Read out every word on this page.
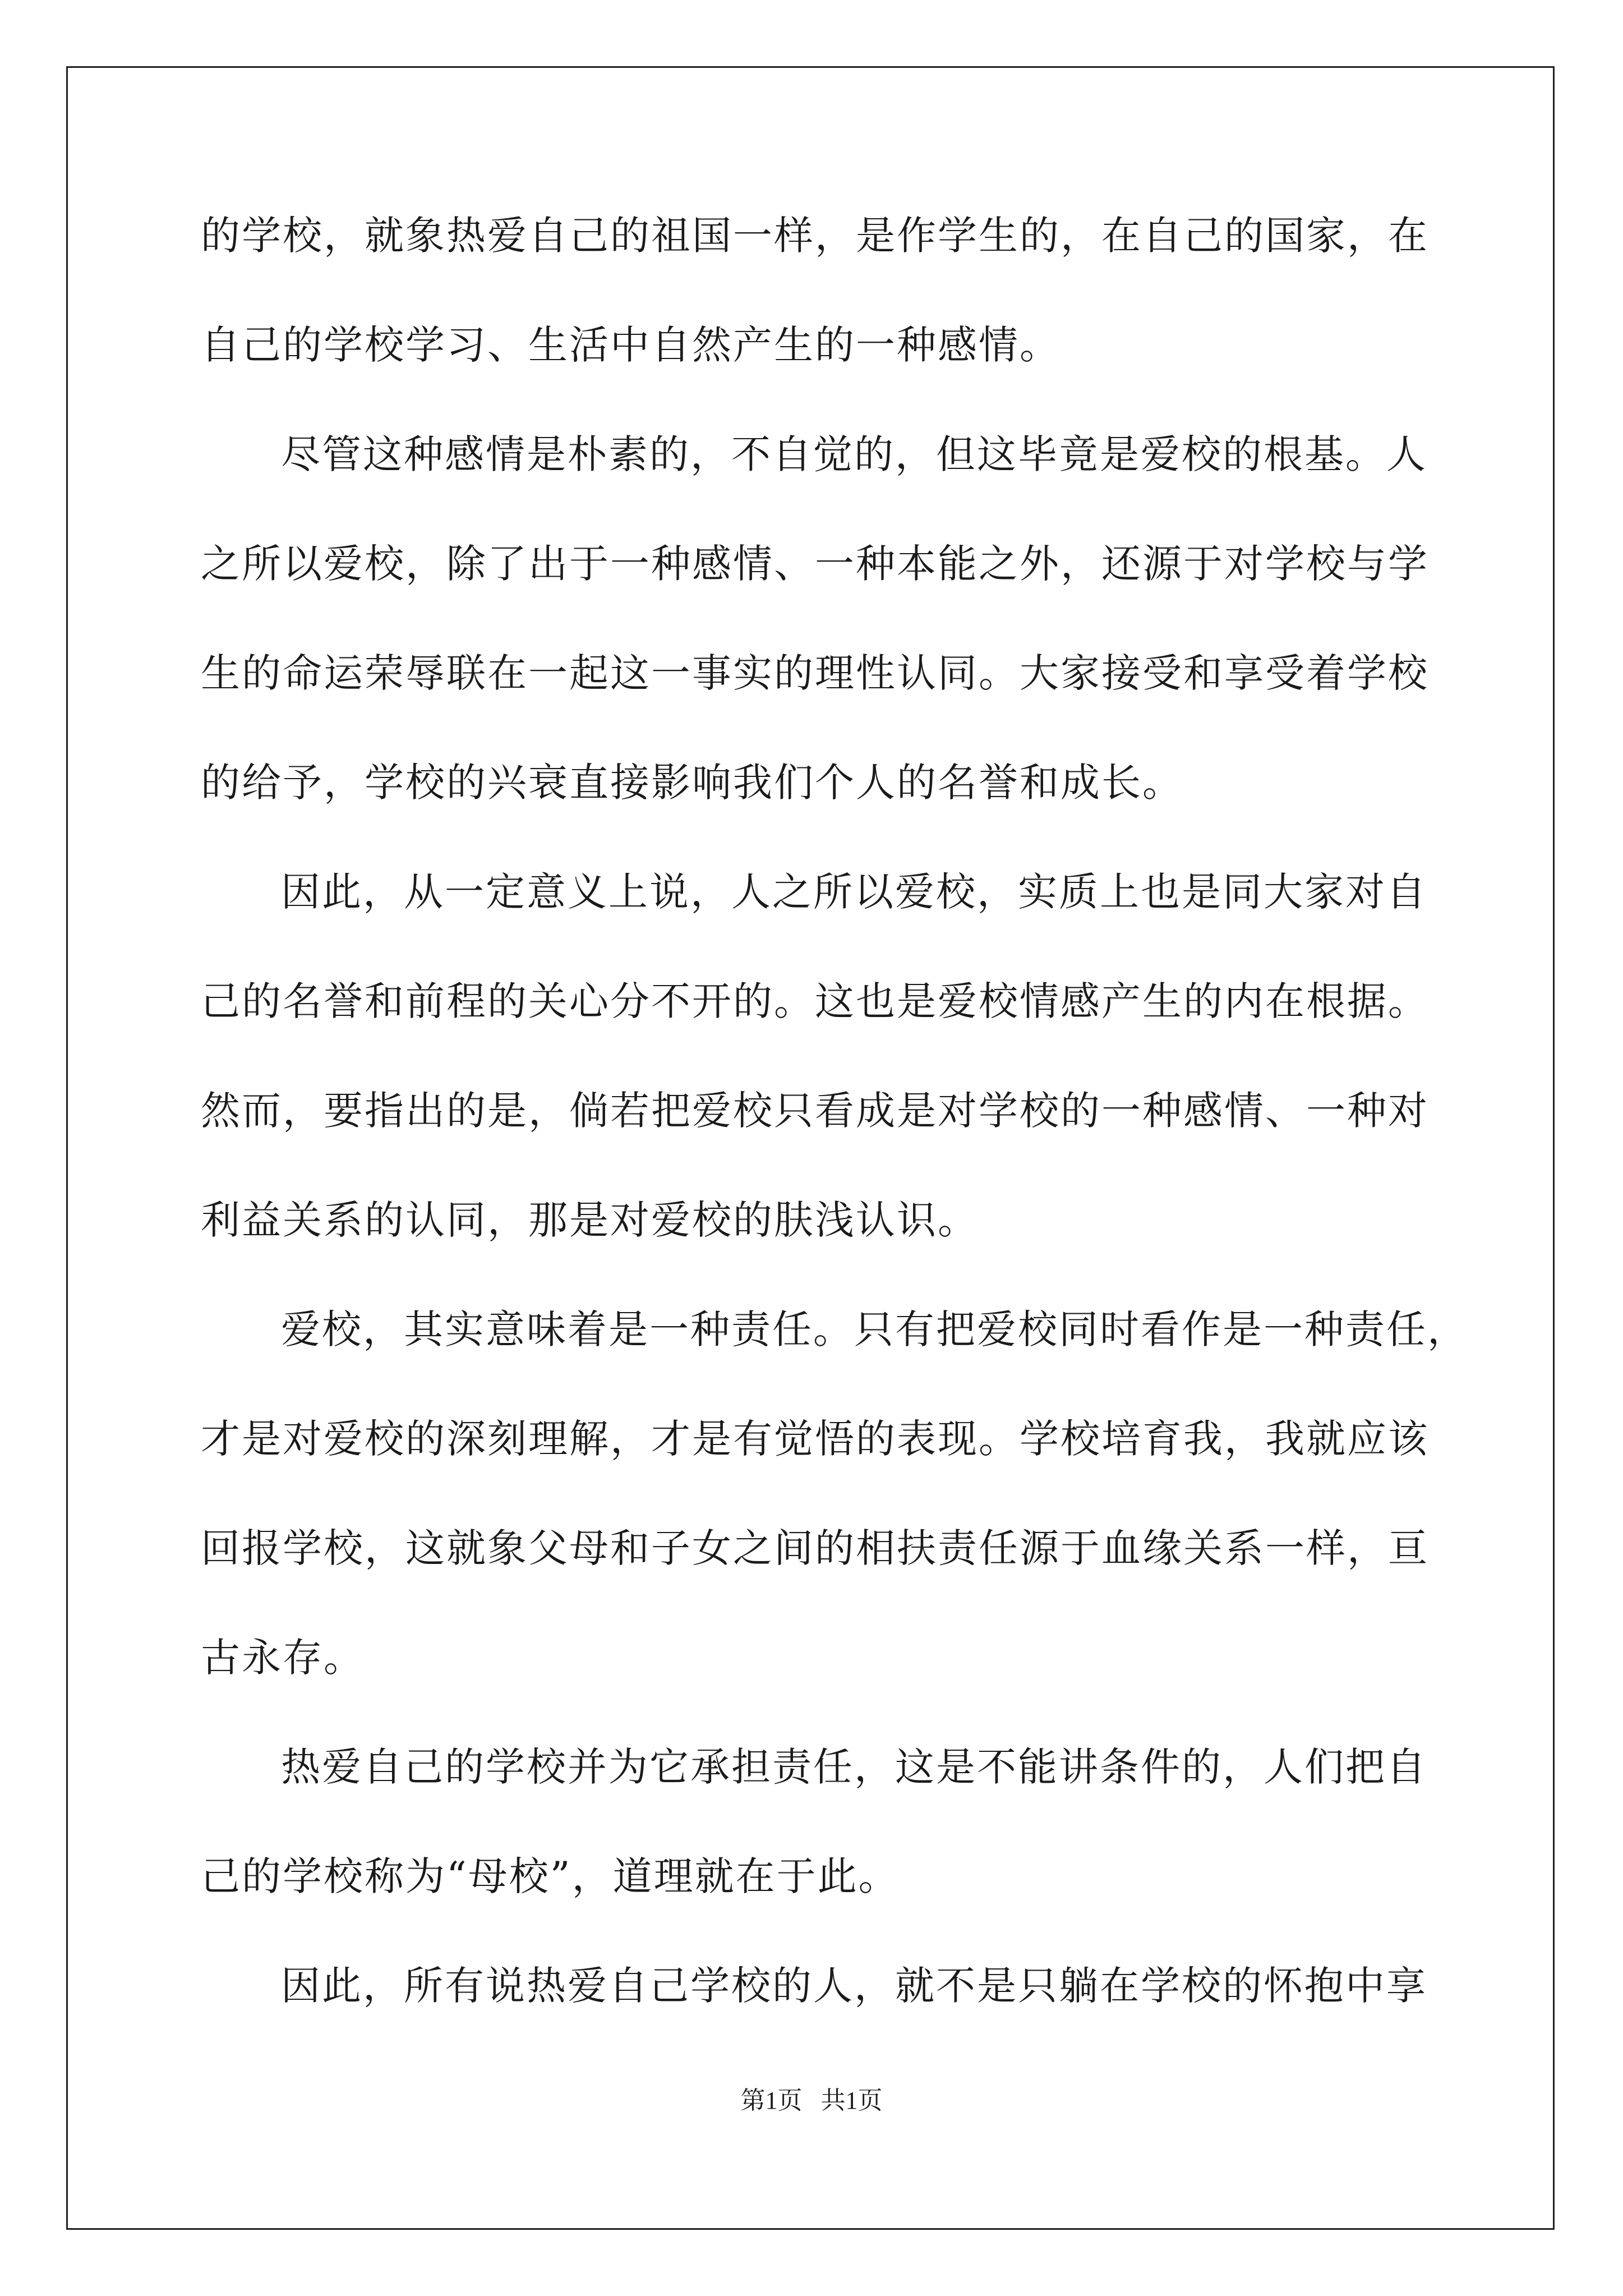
的学校，就象热爱自己的祖国一样，是作学生的，在自己的国家，在
自己的学校学习、生活中自然产生的一种感情。
尽管这种感情是朴素的，不自觉的，但这毕竟是爱校的根基。人
之所以爱校，除了出于一种感情、一种本能之外，还源于对学校与学
生的命运荣辱联在一起这一事实的理性认同。大家接受和享受着学校
的给予，学校的兴衰直接影响我们个人的名誉和成长。
因此，从一定意义上说，人之所以爱校，实质上也是同大家对自
己的名誉和前程的关心分不开的。这也是爱校情感产生的内在根据。
然而，要指出的是，倘若把爱校只看成是对学校的一种感情、一种对
利益关系的认同，那是对爱校的肤浅认识。
爱校，其实意味着是一种责任。只有把爱校同时看作是一种责任，
才是对爱校的深刻理解，才是有觉悟的表现。学校培育我，我就应该
回报学校，这就象父母和子女之间的相扶责任源于血缘关系一样，亘
古永存。
热爱自己的学校并为它承担责任，这是不能讲条件的，人们把自
己的学校称为“母校”，道理就在于此。
因此，所有说热爱自己学校的人，就不是只躺在学校的怀抱中享
第1页   共1页
